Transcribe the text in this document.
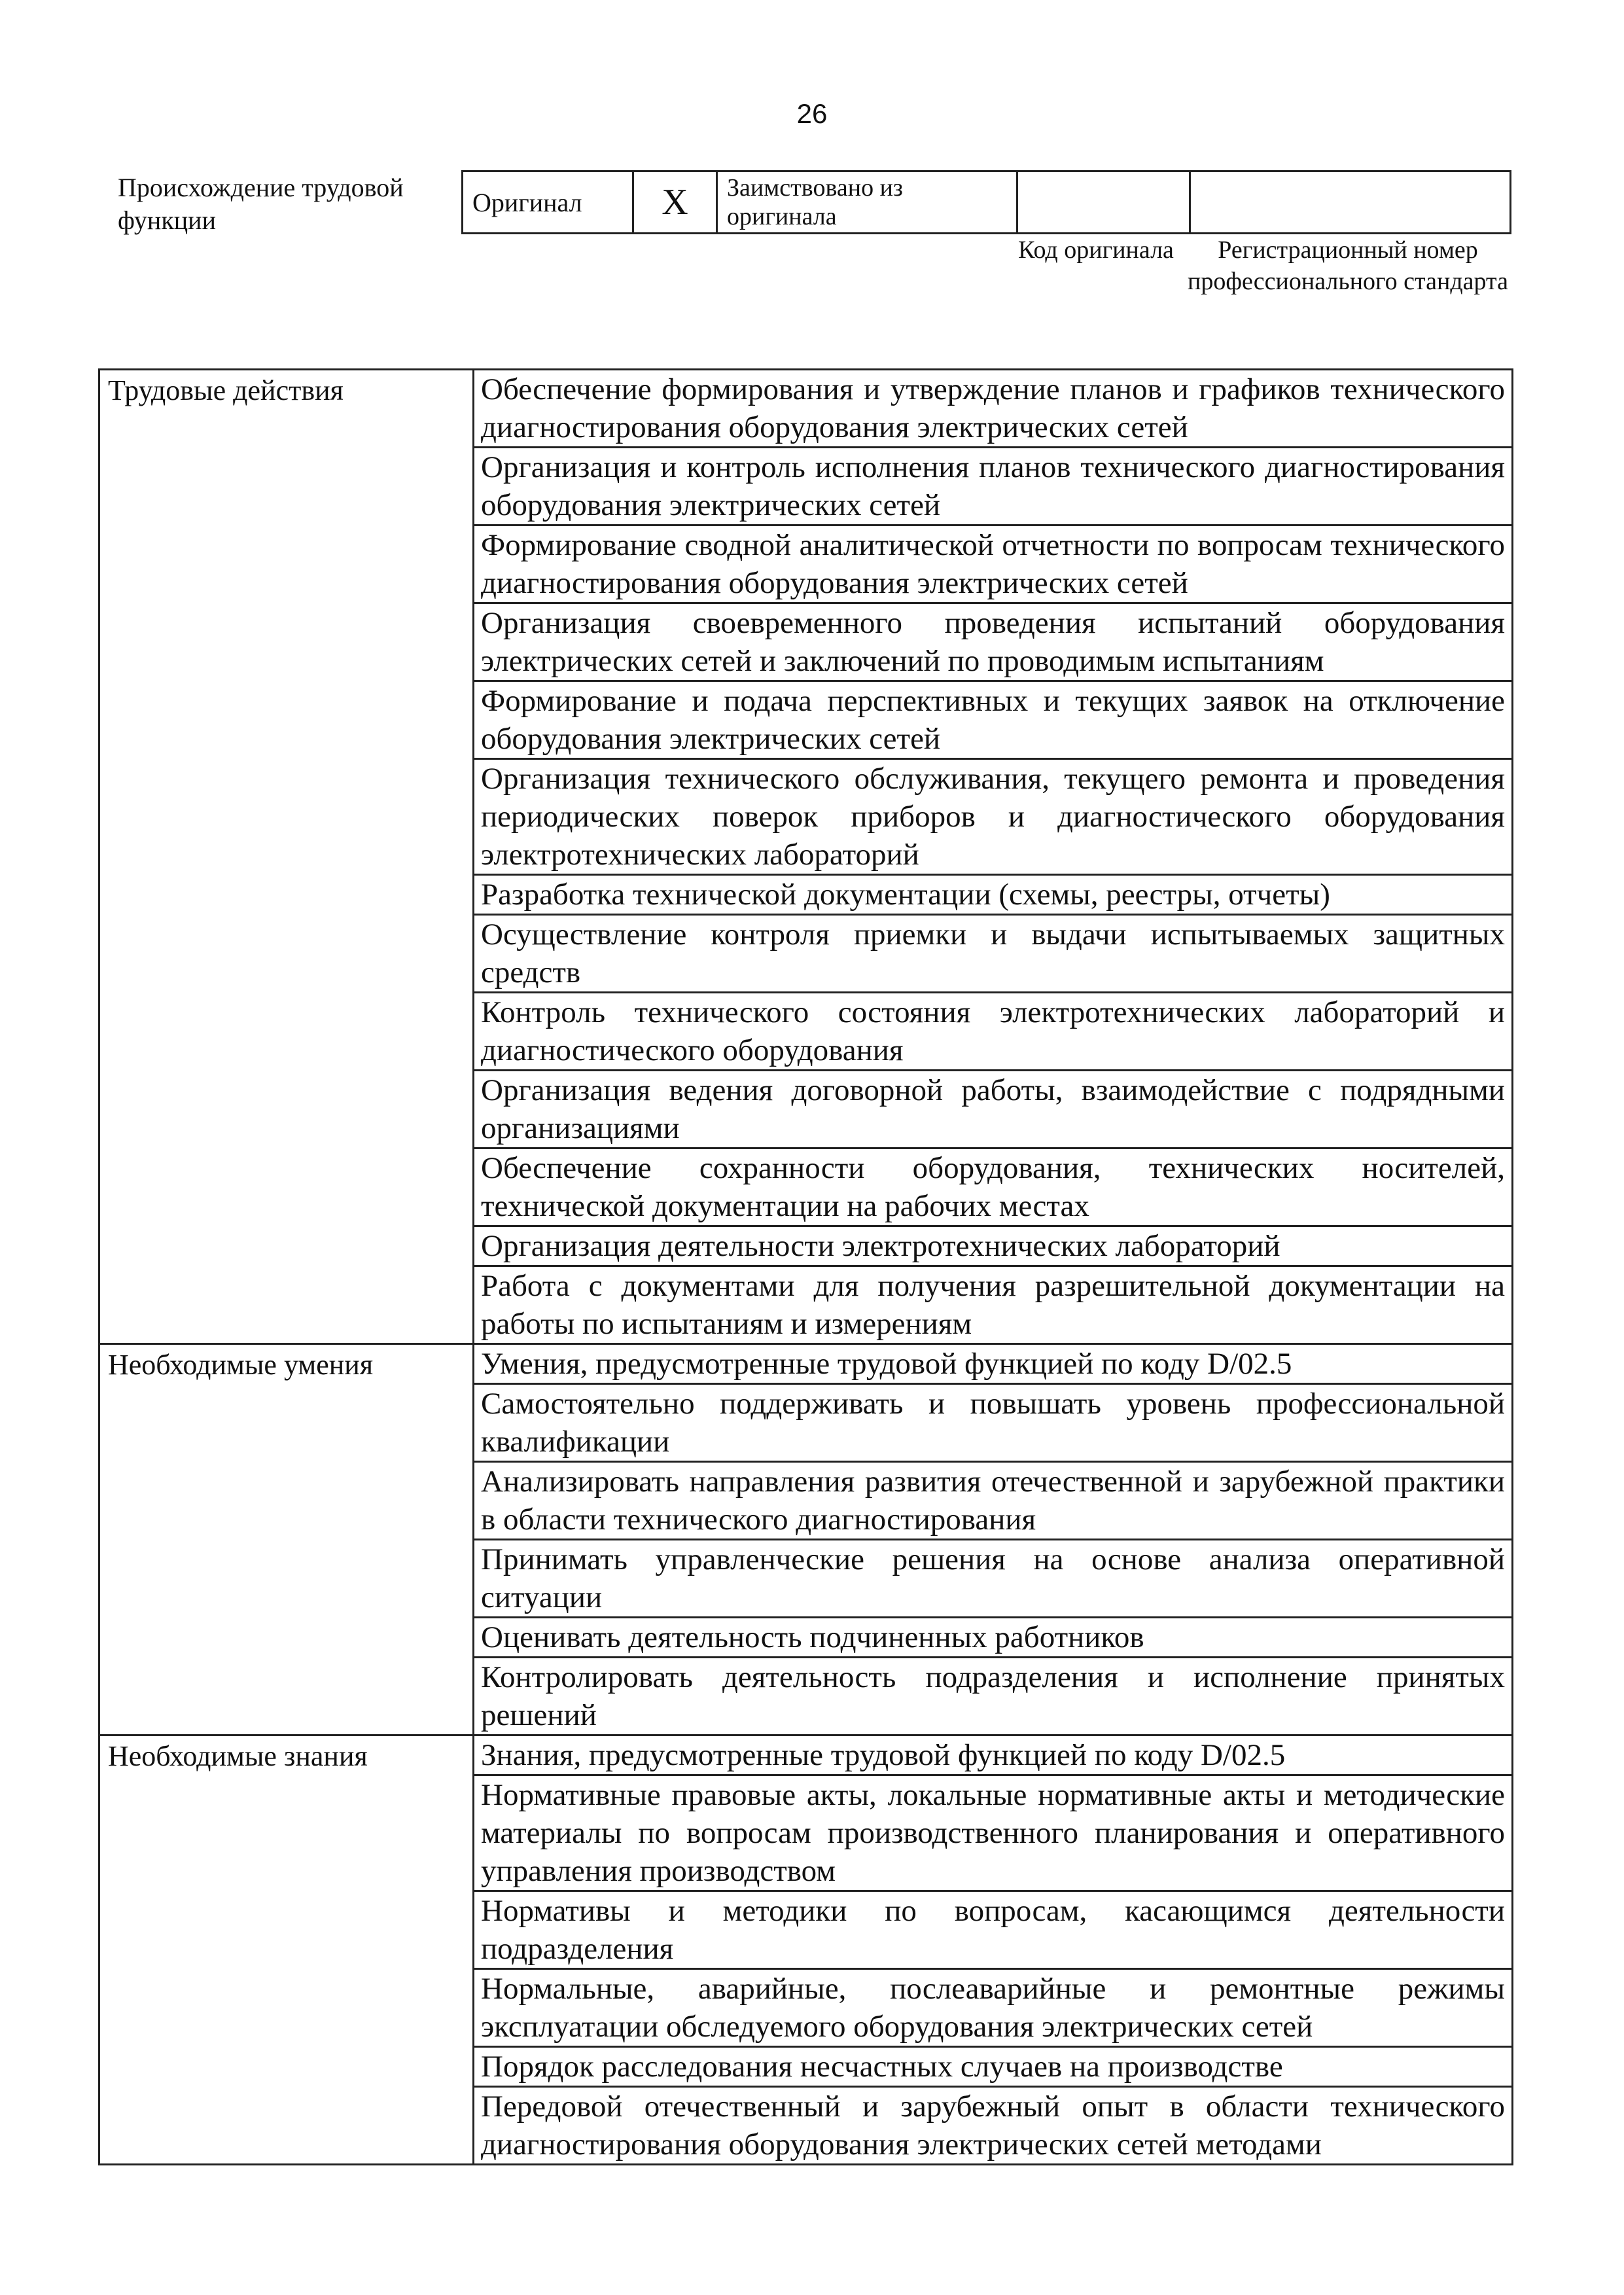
26
Происхождение трудовой функции
Оригинал	X	Заимствовано из оригинала		
Код оригинала	Регистрационный номер профессионального стандарта
Трудовые действия	Обеспечение формирования и утверждение планов и графиков технического диагностирования оборудования электрических сетей
	Организация и контроль исполнения планов технического диагностирования оборудования электрических сетей
	Формирование сводной аналитической отчетности по вопросам технического диагностирования оборудования электрических сетей
	Организация своевременного проведения испытаний оборудования электрических сетей и заключений по проводимым испытаниям
	Формирование и подача перспективных и текущих заявок на отключение оборудования электрических сетей
	Организация технического обслуживания, текущего ремонта и проведения периодических поверок приборов и диагностического оборудования электротехнических лабораторий
	Разработка технической документации (схемы, реестры, отчеты)
	Осуществление контроля приемки и выдачи испытываемых защитных средств
	Контроль технического состояния электротехнических лабораторий и диагностического оборудования
	Организация ведения договорной работы, взаимодействие с подрядными организациями
	Обеспечение сохранности оборудования, технических носителей, технической документации на рабочих местах
	Организация деятельности электротехнических лабораторий
	Работа с документами для получения разрешительной документации на работы по испытаниям и измерениям
Необходимые умения	Умения, предусмотренные трудовой функцией по коду D/02.5
	Самостоятельно поддерживать и повышать уровень профессиональной квалификации
	Анализировать направления развития отечественной и зарубежной практики в области технического диагностирования
	Принимать управленческие решения на основе анализа оперативной ситуации
	Оценивать деятельность подчиненных работников
	Контролировать деятельность подразделения и исполнение принятых решений
Необходимые знания	Знания, предусмотренные трудовой функцией по коду D/02.5
	Нормативные правовые акты, локальные нормативные акты и методические материалы по вопросам производственного планирования и оперативного управления производством
	Нормативы и методики по вопросам, касающимся деятельности подразделения
	Нормальные, аварийные, послеаварийные и ремонтные режимы эксплуатации обследуемого оборудования электрических сетей
	Порядок расследования несчастных случаев на производстве
	Передовой отечественный и зарубежный опыт в области технического диагностирования оборудования электрических сетей методами
